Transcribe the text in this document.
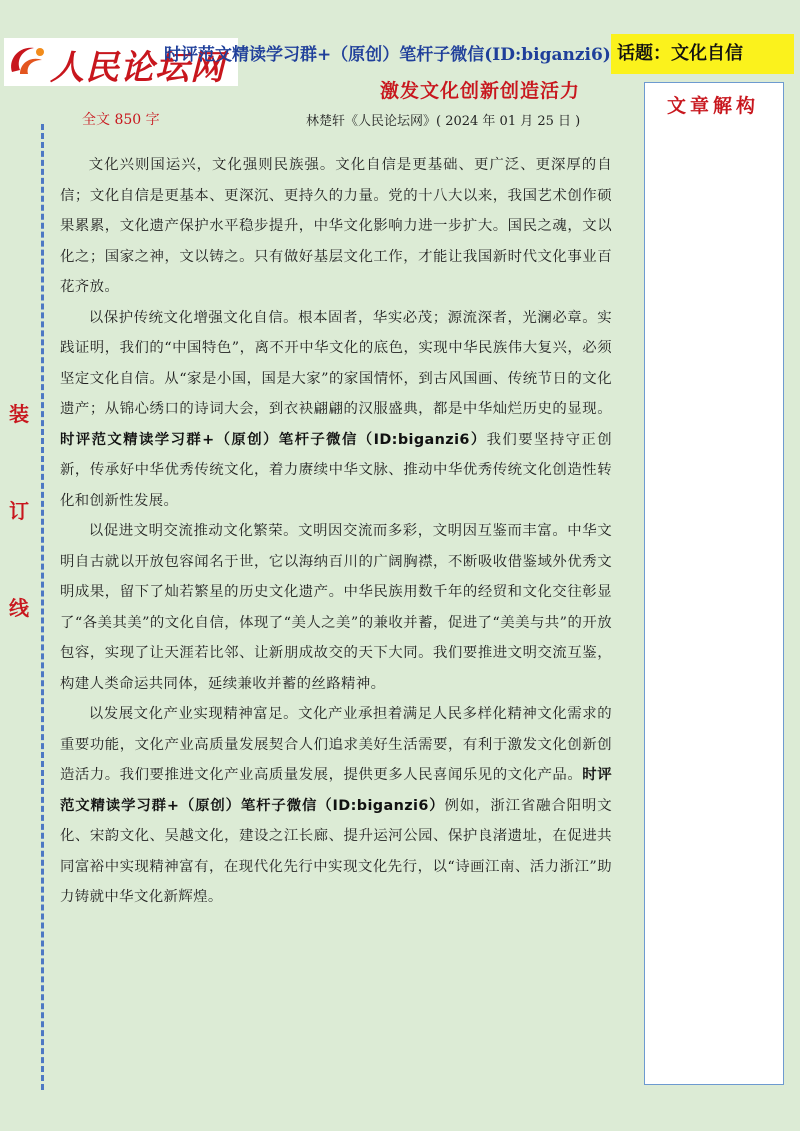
人民论坛网
时评范文精读学习群+（原创）笔杆子微信(ID:biganzi6) 话题：文化自信
激发文化创新创造活力
文章解构
全文 850 字	林楚轩《人民论坛网》( 2024 年 01 月 25 日 )
装
订
线

文化兴则国运兴，文化强则民族强。文化自信是更基础、更广泛、更深厚的自信；文化自信是更基本、更深沉、更持久的力量。党的十八大以来，我国艺术创作硕果累累，文化遗产保护水平稳步提升，中华文化影响力进一步扩大。国民之魂，文以化之；国家之神，文以铸之。只有做好基层文化工作，才能让我国新时代文化事业百花齐放。

以保护传统文化增强文化自信。根本固者，华实必茂；源流深者，光澜必章。实践证明，我们的“中国特色”，离不开中华文化的底色，实现中华民族伟大复兴，必须坚定文化自信。从“家是小国，国是大家”的家国情怀，到古风国画、传统节日的文化遗产；从锦心绣口的诗词大会，到衣袂翩翩的汉服盛典，都是中华灿烂历史的显现。时评范文精读学习群+（原创）笔杆子微信（ID:biganzi6）我们要坚持守正创新，传承好中华优秀传统文化，着力赓续中华文脉、推动中华优秀传统文化创造性转化和创新性发展。

以促进文明交流推动文化繁荣。文明因交流而多彩，文明因互鉴而丰富。中华文明自古就以开放包容闻名于世，它以海纳百川的广阔胸襟，不断吸收借鉴域外优秀文明成果，留下了灿若繁星的历史文化遗产。中华民族用数千年的经贸和文化交往彰显了“各美其美”的文化自信，体现了“美人之美”的兼收并蓄，促进了“美美与共”的开放包容，实现了让天涯若比邻、让新朋成故交的天下大同。我们要推进文明交流互鉴，构建人类命运共同体，延续兼收并蓄的丝路精神。

以发展文化产业实现精神富足。文化产业承担着满足人民多样化精神文化需求的重要功能，文化产业高质量发展契合人们追求美好生活需要，有利于激发文化创新创造活力。我们要推进文化产业高质量发展，提供更多人民喜闻乐见的文化产品。时评范文精读学习群+（原创）笔杆子微信（ID:biganzi6）例如，浙江省融合阳明文化、宋韵文化、吴越文化，建设之江长廊、提升运河公园、保护良渚遗址，在促进共同富裕中实现精神富有，在现代化先行中实现文化先行，以“诗画江南、活力浙江”助力铸就中华文化新辉煌。
